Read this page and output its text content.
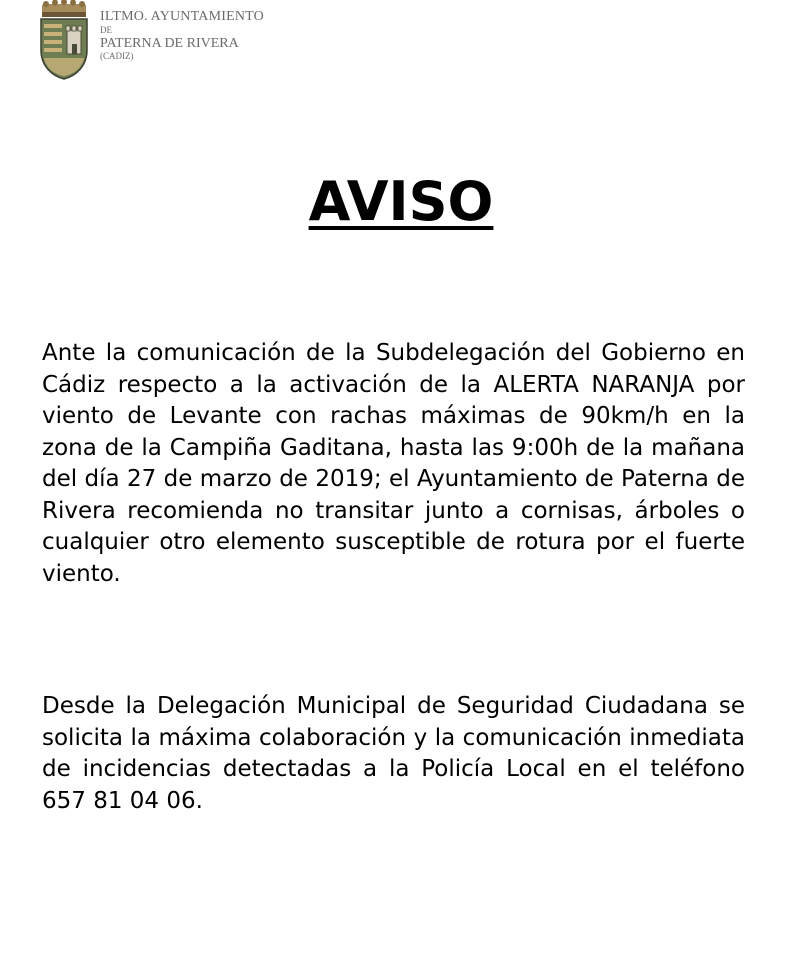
ILTMO. AYUNTAMIENTO
DE
PATERNA DE RIVERA
(CADIZ)
AVISO

Ante la comunicación de la Subdelegación del Gobierno en Cádiz respecto a la activación de la ALERTA NARANJA por viento de Levante con rachas máximas de 90km/h en la zona de la Campiña Gaditana, hasta las 9:00h de la mañana del día 27 de marzo de 2019; el Ayuntamiento de Paterna de Rivera recomienda no transitar junto a cornisas, árboles o cualquier otro elemento susceptible de rotura por el fuerte viento.

Desde la Delegación Municipal de Seguridad Ciudadana se solicita la máxima colaboración y la comunicación inmediata de incidencias detectadas a la Policía Local en el teléfono 657 81 04 06.
